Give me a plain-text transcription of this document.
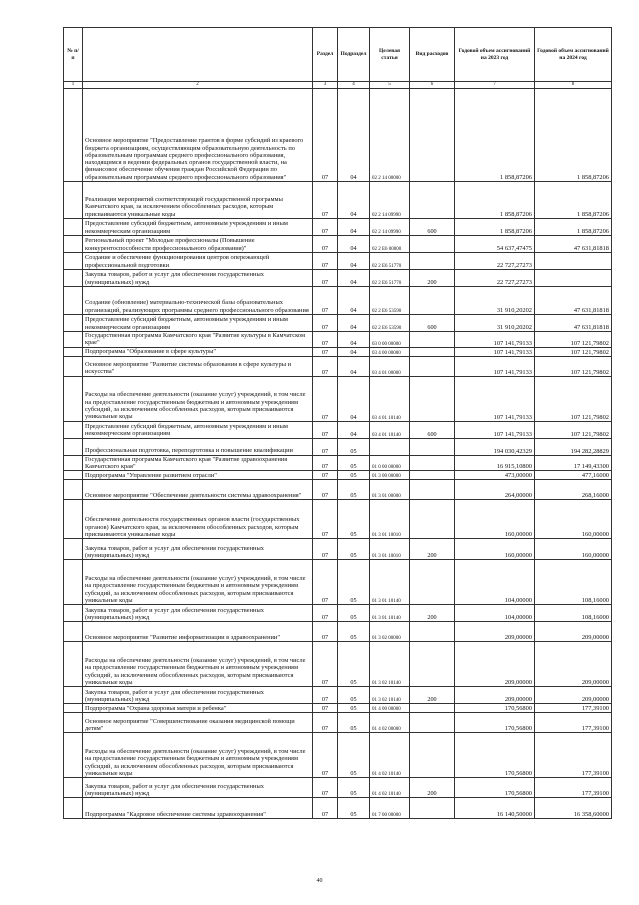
№ п/п		Раздел	Подраздел	Целевая статья	Вид расходов	Годовой объем ассигнований на 2023 год	Годовой объем ассигнований на 2024 год
1	2	3	4	5	6	7	8
	Основное мероприятие "Предоставление грантов в форме субсидий из краевого бюджета организациям, осуществляющим образовательную деятельность по образовательным программам среднего профессионального образования, находящимся в ведении федеральных органов государственной власти, на финансовое обеспечение обучения граждан Российской Федерации по образовательным программам среднего профессионального образования"	07	04	02 2 14 00000		1 858,87206	1 858,87206
	Реализация мероприятий соответствующей государственной программы Камчатского края, за исключением обособленных расходов, которым присваиваются уникальные коды	07	04	02 2 14 09990		1 858,87206	1 858,87206
	Предоставление субсидий бюджетным, автономным учреждениям и иным некоммерческим организациям	07	04	02 2 14 09990	600	1 858,87206	1 858,87206
	Региональный проект "Молодые профессионалы (Повышение конкурентоспособности профессионального образования)"	07	04	02 2 E6 00000		54 637,47475	47 631,81818
	Создание и обеспечение функционирования центров опережающей профессиональной подготовки	07	04	02 2 E6 51770		22 727,27273	
	Закупка товаров, работ и услуг для обеспечения государственных (муниципальных) нужд	07	04	02 2 E6 51770	200	22 727,27273	
	Создание (обновление) материально-технической базы образовательных организаций, реализующих программы среднего профессионального образования	07	04	02 2 E6 53590		31 910,20202	47 631,81818
	Предоставление субсидий бюджетным, автономным учреждениям и иным некоммерческим организациям	07	04	02 2 E6 53590	600	31 910,20202	47 631,81818
	Государственная программа Камчатского края "Развитие культуры в Камчатском крае"	07	04	03 0 00 00000		107 141,79133	107 121,79802
	Подпрограмма "Образование в сфере культуры"	07	04	03 4 00 00000		107 141,79133	107 121,79802
	Основное мероприятие "Развитие системы образования в сфере культуры и искусства"	07	04	03 4 01 00000		107 141,79133	107 121,79802
	Расходы на обеспечение деятельности (оказание услуг) учреждений, в том числе на предоставление государственным бюджетным и автономным учреждениям субсидий, за исключением обособленных расходов, которым присваиваются уникальные коды	07	04	03 4 01 10140		107 141,79133	107 121,79802
	Предоставление субсидий бюджетным, автономным учреждениям и иным некоммерческим организациям	07	04	03 4 01 10140	600	107 141,79133	107 121,79802
	Профессиональная подготовка, переподготовка и повышение квалификации	07	05			194 030,42329	194 282,28829
	Государственная программа Камчатского края "Развитие здравоохранения Камчатского края"	07	05	01 0 00 00000		16 915,10800	17 149,43300
	Подпрограмма "Управление развитием отрасли"	07	05	01 3 00 00000		473,00000	477,16000
	Основное мероприятие "Обеспечение деятельности системы здравоохранения"	07	05	01 3 01 00000		264,00000	268,16000
	Обеспечение деятельности государственных органов власти (государственных органов) Камчатского края, за исключением обособленных расходов, которым присваиваются уникальные коды	07	05	01 3 01 10010		160,00000	160,00000
	Закупка товаров, работ и услуг для обеспечения государственных (муниципальных) нужд	07	05	01 3 01 10010	200	160,00000	160,00000
	Расходы на обеспечение деятельности (оказание услуг) учреждений, в том числе на предоставление государственным бюджетным и автономным учреждениям субсидий, за исключением обособленных расходов, которым присваиваются уникальные коды	07	05	01 3 01 10140		104,00000	108,16000
	Закупка товаров, работ и услуг для обеспечения государственных (муниципальных) нужд	07	05	01 3 01 10140	200	104,00000	108,16000
	Основное мероприятие "Развитие информатизации в здравоохранении"	07	05	01 3 02 00000		209,00000	209,00000
	Расходы на обеспечение деятельности (оказание услуг) учреждений, в том числе на предоставление государственным бюджетным и автономным учреждениям субсидий, за исключением обособленных расходов, которым присваиваются уникальные коды	07	05	01 3 02 10140		209,00000	209,00000
	Закупка товаров, работ и услуг для обеспечения государственных (муниципальных) нужд	07	05	01 3 02 10140	200	209,00000	209,00000
	Подпрограмма "Охрана здоровья матери и ребенка"	07	05	01 4 00 00000		170,56800	177,39100
	Основное мероприятие "Совершенствование оказания медицинской помощи детям"	07	05	01 4 02 00000		170,56800	177,39100
	Расходы на обеспечение деятельности (оказание услуг) учреждений, в том числе на предоставление государственным бюджетным и автономным учреждениям субсидий, за исключением обособленных расходов, которым присваиваются уникальные коды	07	05	01 4 02 10140		170,56800	177,39100
	Закупка товаров, работ и услуг для обеспечения государственных (муниципальных) нужд	07	05	01 4 02 10140	200	170,56800	177,39100
	Подпрограмма "Кадровое обеспечение системы здравоохранения"	07	05	01 7 00 00000		16 140,50000	16 358,60000
40
